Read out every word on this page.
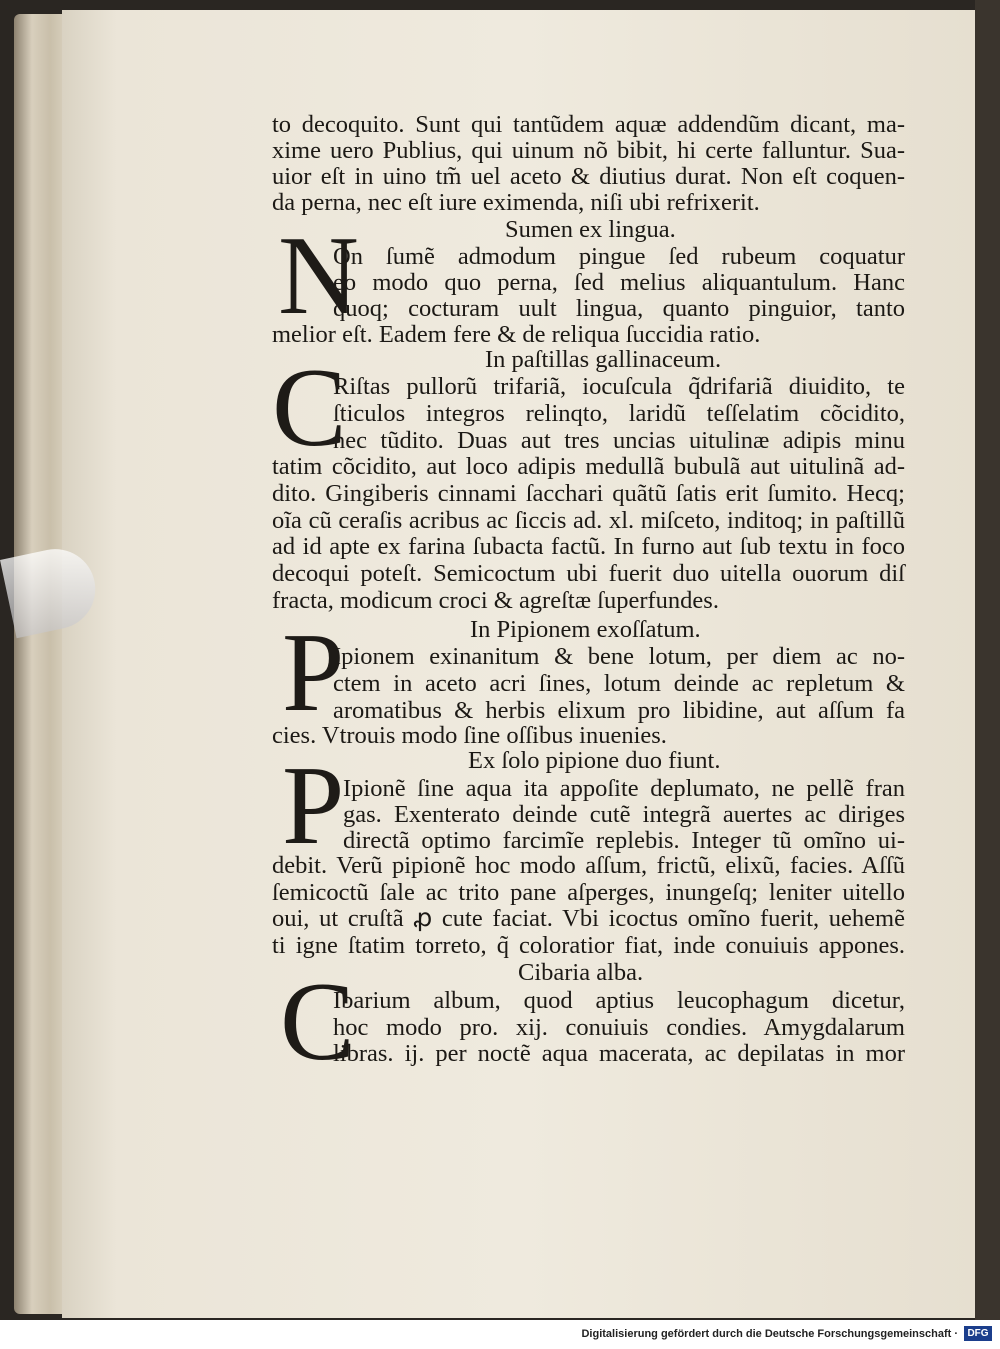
to decoquito. Sunt qui tantũdem aquæ addendũm dicant, ma-
xime uero Publius, qui uinum nõ bibit, hi certe falluntur. Sua-
uior eſt in uino tm̃ uel aceto & diutius durat. Non eſt coquen-
da perna, nec eſt iure eximenda, niſi ubi refrixerit.
On ſumẽ admodum pingue ſed rubeum coquatur
eo modo quo perna, ſed melius aliquantulum. Hanc
quoq; cocturam uult lingua, quanto pinguior, tanto
melior eſt. Eadem fere & de reliqua ſuccidia ratio.
Riſtas pullorũ trifariã, iocuſcula q̃drifariã diuidito, te
ſticulos integros relinqto, laridũ teſſelatim cõcidito,
nec tũdito. Duas aut tres uncias uitulinæ adipis minu
tatim cõcidito, aut loco adipis medullã bubulã aut uitulinã ad-
dito. Gingiberis cinnami ſacchari quãtũ ſatis erit ſumito. Hecq;
oĩa cũ ceraſis acribus ac ſiccis ad. xl. miſceto, inditoq; in paſtillũ
ad id apte ex farina ſubacta factũ. In furno aut ſub textu in foco
decoqui poteſt. Semicoctum ubi fuerit duo uitella ouorum diſ
fracta, modicum croci & agreſtæ ſuperfundes.
Ipionem exinanitum & bene lotum, per diem ac no-
ctem in aceto acri ſines, lotum deinde ac repletum &
aromatibus & herbis elixum pro libidine, aut aſſum fa
cies. Vtrouis modo ſine oſſibus inuenies.
Ipionẽ ſine aqua ita appoſite deplumato, ne pellẽ fran
gas. Exenterato deinde cutẽ integrã auertes ac diriges
directã optimo farcimĩe replebis. Integer tũ omĩno ui-
debit. Verũ pipionẽ hoc modo aſſum, frictũ, elixũ, facies. Aſſũ
ſemicoctũ ſale ac trito pane aſperges, inungeſq; leniter uitello
oui, ut cruſtã ꝓ cute faciat. Vbi icoctus omĩno fuerit, uehemẽ
ti igne ſtatim torreto, q̃ coloratior fiat, inde conuiuis appones.
Ibarium album, quod aptius leucophagum dicetur,
hoc modo pro. xij. conuiuis condies. Amygdalarum
libras. ij. per noctẽ aqua macerata, ac depilatas in mor
Sumen ex lingua.
In paſtillas gallinaceum.
In Pipionem exoſſatum.
Ex ſolo pipione duo fiunt.
Cibaria alba.
N
C
P
P
C
Digitalisierung gefördert durch die Deutsche Forschungsgemeinschaft · DFG
